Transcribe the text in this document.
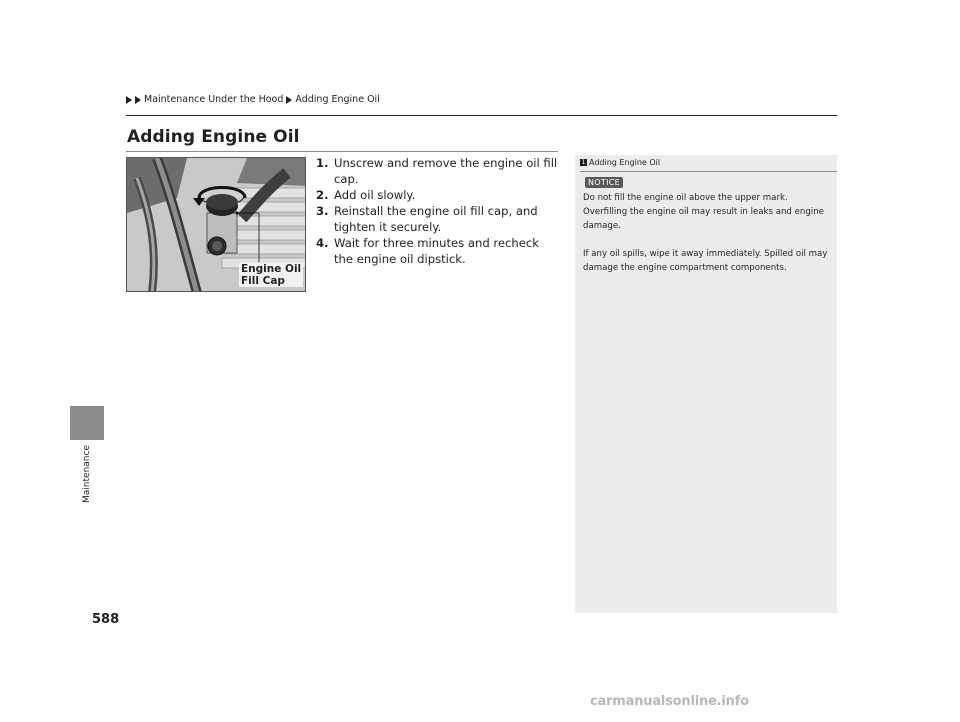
Maintenance Under the Hood Adding Engine Oil
Adding Engine Oil
Maintenance
588
Engine Oil
Fill Cap

1. Unscrew and remove the engine oil fill cap.

2. Add oil slowly.

3. Reinstall the engine oil fill cap, and tighten it securely.

4. Wait for three minutes and recheck the engine oil dipstick.

1 Adding Engine Oil
NOTICE

Do not fill the engine oil above the upper mark. Overfilling the engine oil may result in leaks and engine damage.

If any oil spills, wipe it away immediately. Spilled oil may damage the engine compartment components.

carmanualsonline.info
